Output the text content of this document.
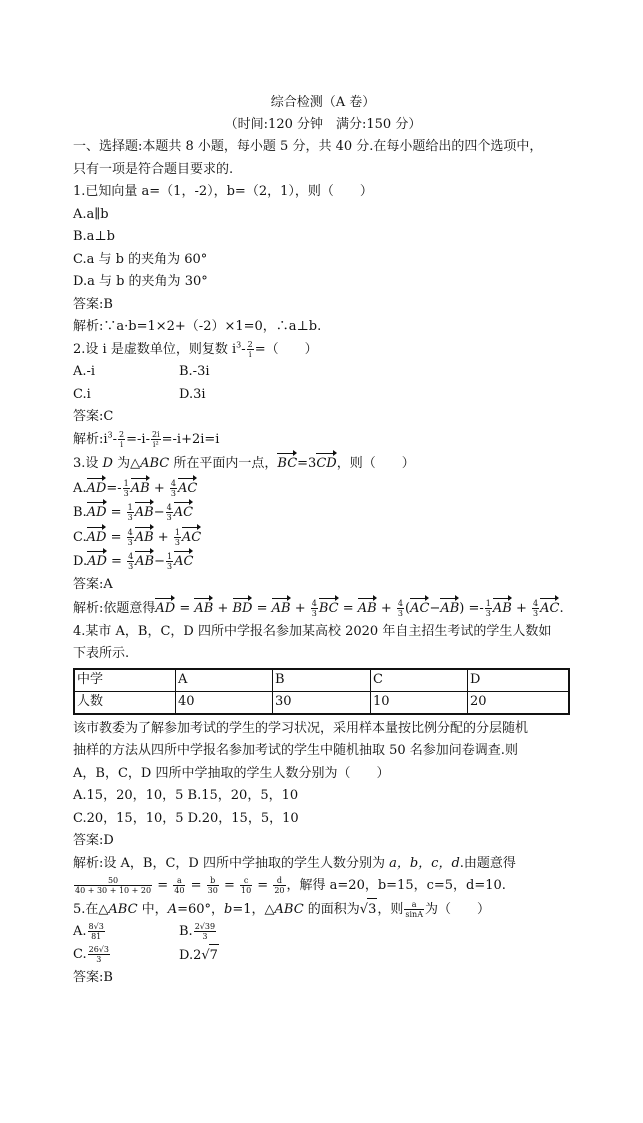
综合检测（A 卷）
（时间:120 分钟　满分:150 分）
一、选择题:本题共 8 小题，每小题 5 分，共 40 分.在每小题给出的四个选项中，
只有一项是符合题目要求的.
1.已知向量 a=（1，-2），b=（2，1），则（　　）
A.a∥b
B.a⊥b
C.a 与 b 的夹角为 60°
D.a 与 b 的夹角为 30°
答案:B
解析:∵a·b=1×2+（-2）×1=0，∴a⊥b.
2.设 i 是虚数单位，则复数 $i^3- \frac{2}{i}$ =（　　）
A.-i	B.-3i
C.i	D.3i
答案:C
解析$:i^3- \frac{2}{i} =-i- \frac{2i}{\text{i²}} =-i+2i=i$
3.设 D 为△ABC 所在平面内一点，BC=3CD，则（　　）
$A.AD=- \frac{1}{3}$ AB + $\frac{4}{3}$ AC
$B.AD = \frac{1}{3} AB- \frac{4}{3}$ AC
$C.AD = \frac{4}{3}$ AB + $\frac{1}{3}$ AC
$D.AD = \frac{4}{3} AB- \frac{1}{3}$ AC
答案:A
解析:依题意得AD = AB + BD = AB + $\frac{4}{3}$ BC = AB + $\frac{4}{3} (AC-AB) =- \frac{1}{3}$ AB + $\frac{4}{3}$ AC.
4.某市 A，B，C，D 四所中学报名参加某高校 2020 年自主招生考试的学生人数如
下表所示.
中学	A	B	C	D
人数	40	30	10	20
该市教委为了解参加考试的学生的学习状况，采用样本量按比例分配的分层随机
抽样的方法从四所中学报名参加考试的学生中随机抽取 50 名参加问卷调查.则
A，B，C，D 四所中学抽取的学生人数分别为（　　）
A.15，20，10，5 B.15，20，5，10
C.20，15，10，5 D.20，15，5，10
答案:D
解析:设 A，B，C，D 四所中学抽取的学生人数分别为 a，b，c，d.由题意得
$\frac{50}{40 + 30 + 10 + 20} = \frac{a}{40} = \frac{b}{30} = \frac{c}{10} = \frac{d}{20}$ ，解得 a=20，b=15，c=5，d=10.
5.在△ABC 中，A=60°，b=1，△ABC 的面积为√3，则 $\frac{a}{\sin A}$ 为（　　）
A. $\frac{8√3}{81}$	B. $\frac{2√39}{3}$
C. $\frac{26√3}{3}$	D.2√7
答案:B
